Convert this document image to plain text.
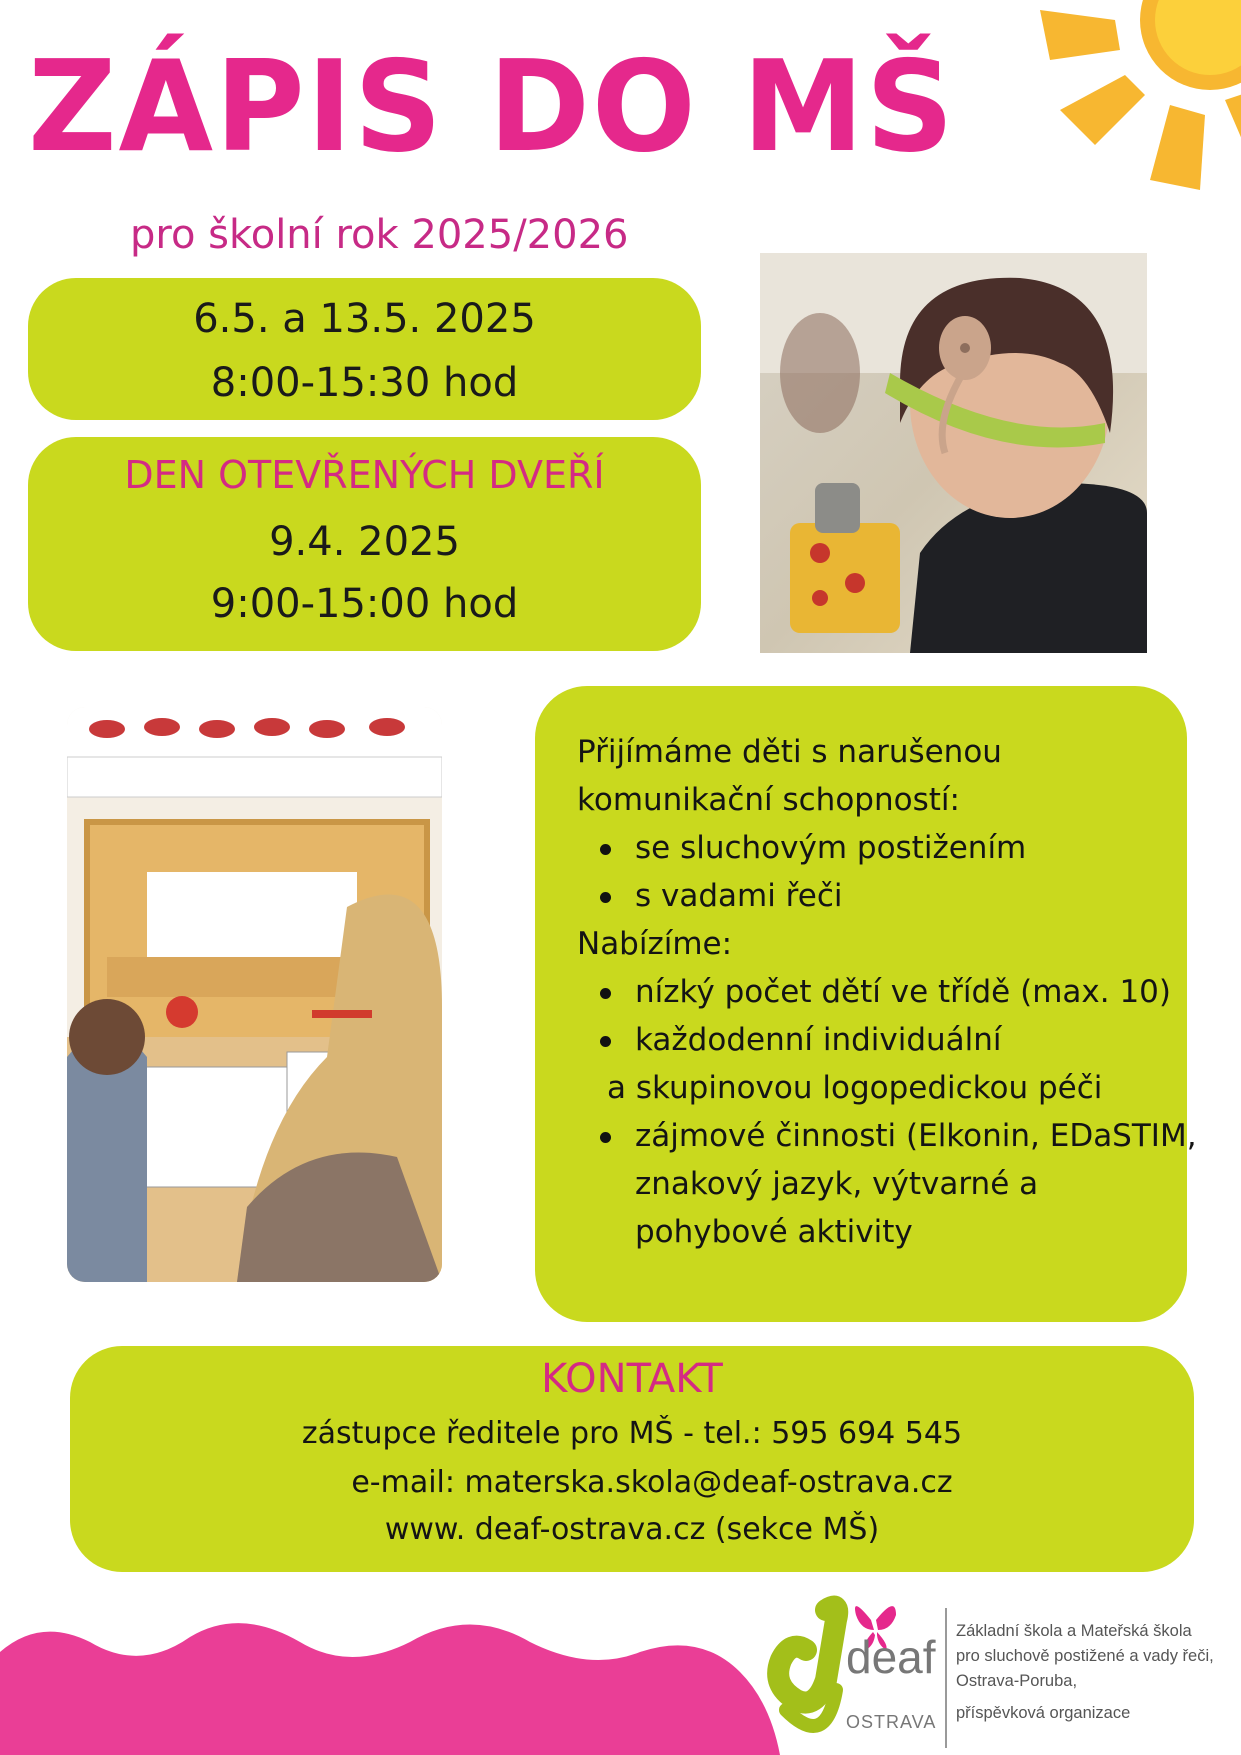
ZÁPIS DO MŠ
pro školní rok 2025/2026
6.5. a 13.5. 2025
8:00-15:30 hod
DEN OTEVŘENÝCH DVEŘÍ
9.4. 2025
9:00-15:00 hod
Přijímáme děti s narušenou
komunikační schopností:
se sluchovým postižením
s vadami řeči
Nabízíme:
nízký počet dětí ve třídě (max. 10)
každodenní individuální
a skupinovou logopedickou péči
zájmové činnosti (Elkonin, EDaSTIM,
znakový jazyk, výtvarné a
pohybové aktivity
KONTAKT
zástupce ředitele pro MŠ - tel.: 595 694 545
e-mail: materska.skola@deaf-ostrava.cz
www. deaf-ostrava.cz (sekce MŠ)
deaf
OSTRAVA
Základní škola a Mateřská škola
pro sluchově postižené a vady řeči,
Ostrava-Poruba,
příspěvková organizace
